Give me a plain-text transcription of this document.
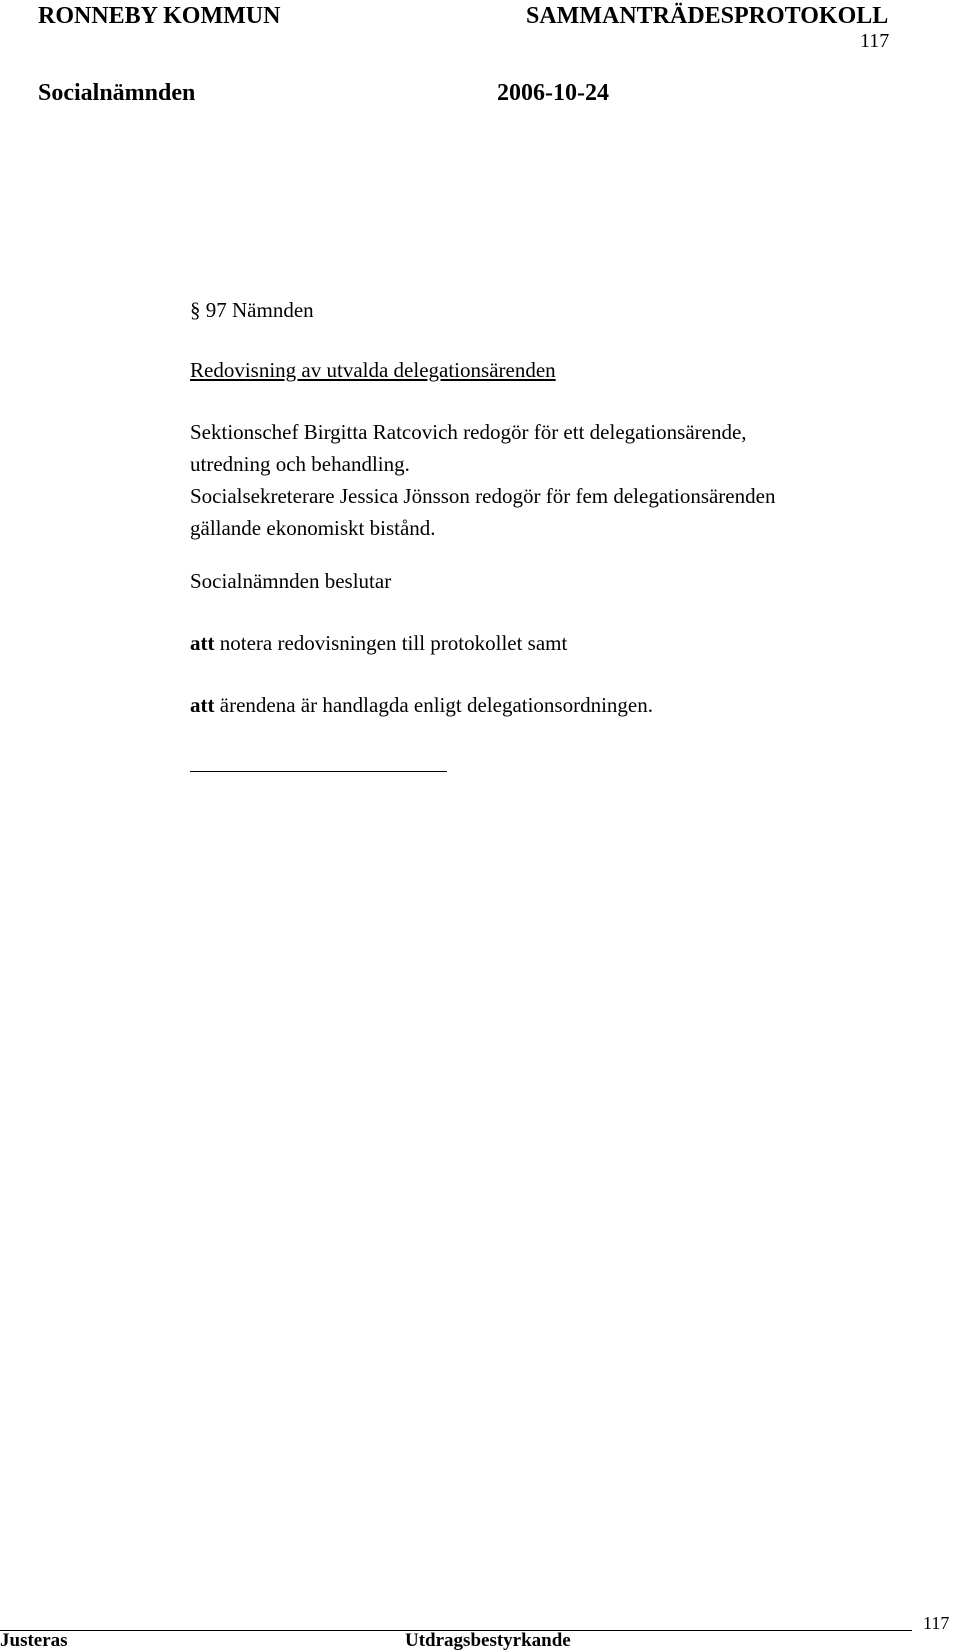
RONNEBY KOMMUN	SAMMANTRÄDESPROTOKOLL
117
Socialnämnden	2006-10-24
§ 97 Nämnden
Redovisning av utvalda delegationsärenden
Sektionschef Birgitta Ratcovich redogör för ett delegationsärende,
utredning och behandling.
Socialsekreterare Jessica Jönsson redogör för fem delegationsärenden
gällande ekonomiskt bistånd.
Socialnämnden beslutar
att notera redovisningen till protokollet samt
att ärendena är handlagda enligt delegationsordningen.
Justeras	Utdragsbestyrkande
117
